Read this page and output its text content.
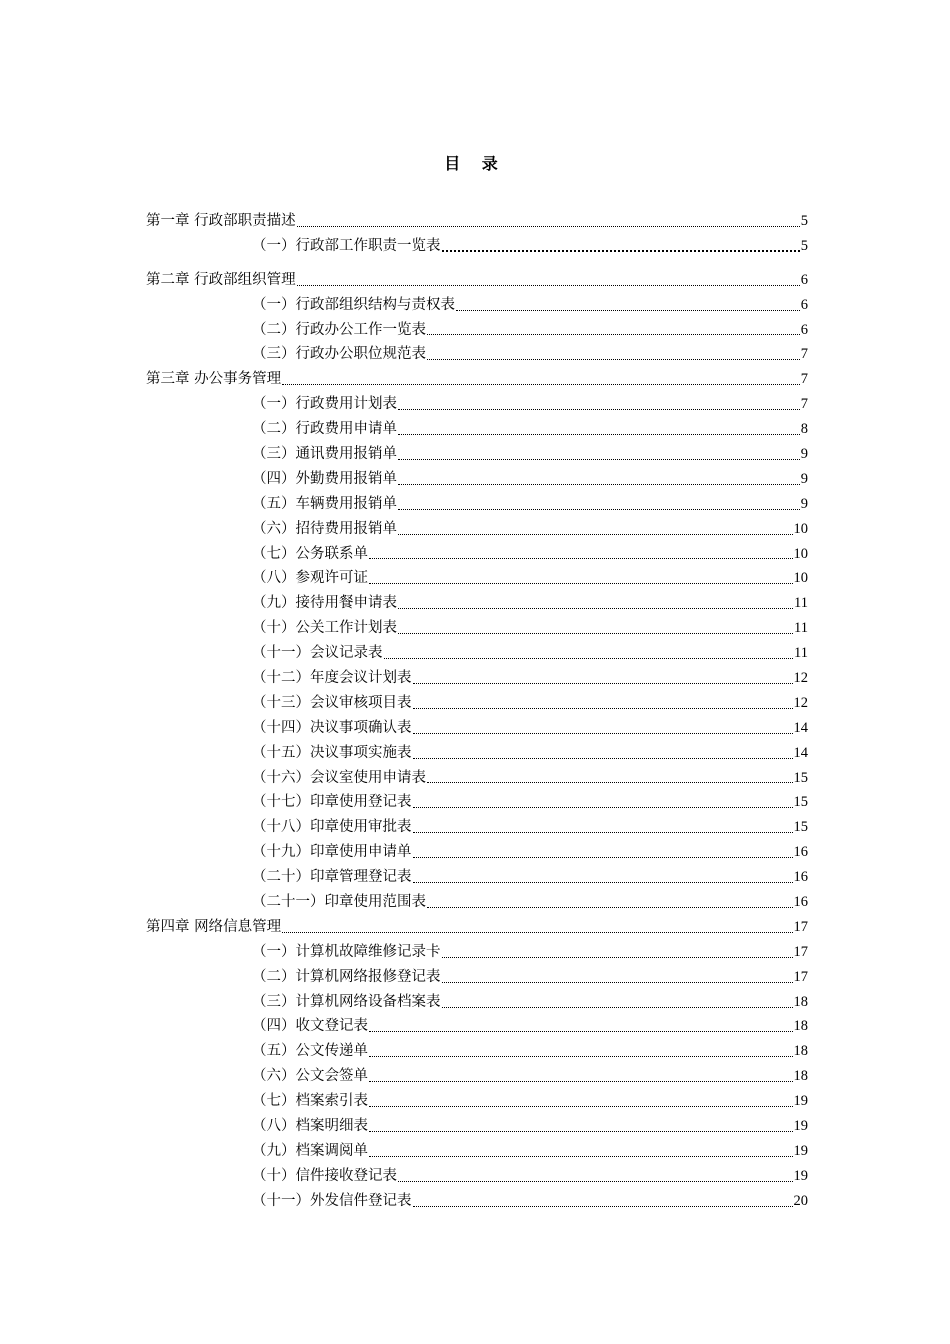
目 录
第一章 行政部职责描述	5
（一）行政部工作职责一览表	5
第二章 行政部组织管理	6
（一）行政部组织结构与责权表	6
（二）行政办公工作一览表	6
（三）行政办公职位规范表	7
第三章 办公事务管理	7
（一）行政费用计划表	7
（二）行政费用申请单	8
（三）通讯费用报销单	9
（四）外勤费用报销单	9
（五）车辆费用报销单	9
（六）招待费用报销单	10
（七）公务联系单	10
（八）参观许可证	10
（九）接待用餐申请表	11
（十）公关工作计划表	11
（十一）会议记录表	11
（十二）年度会议计划表	12
（十三）会议审核项目表	12
（十四）决议事项确认表	14
（十五）决议事项实施表	14
（十六）会议室使用申请表	15
（十七）印章使用登记表	15
（十八）印章使用审批表	15
（十九）印章使用申请单	16
（二十）印章管理登记表	16
（二十一）印章使用范围表	16
第四章 网络信息管理	17
（一）计算机故障维修记录卡	17
（二）计算机网络报修登记表	17
（三）计算机网络设备档案表	18
（四）收文登记表	18
（五）公文传递单	18
（六）公文会签单	18
（七）档案索引表	19
（八）档案明细表	19
（九）档案调阅单	19
（十）信件接收登记表	19
（十一）外发信件登记表	20
